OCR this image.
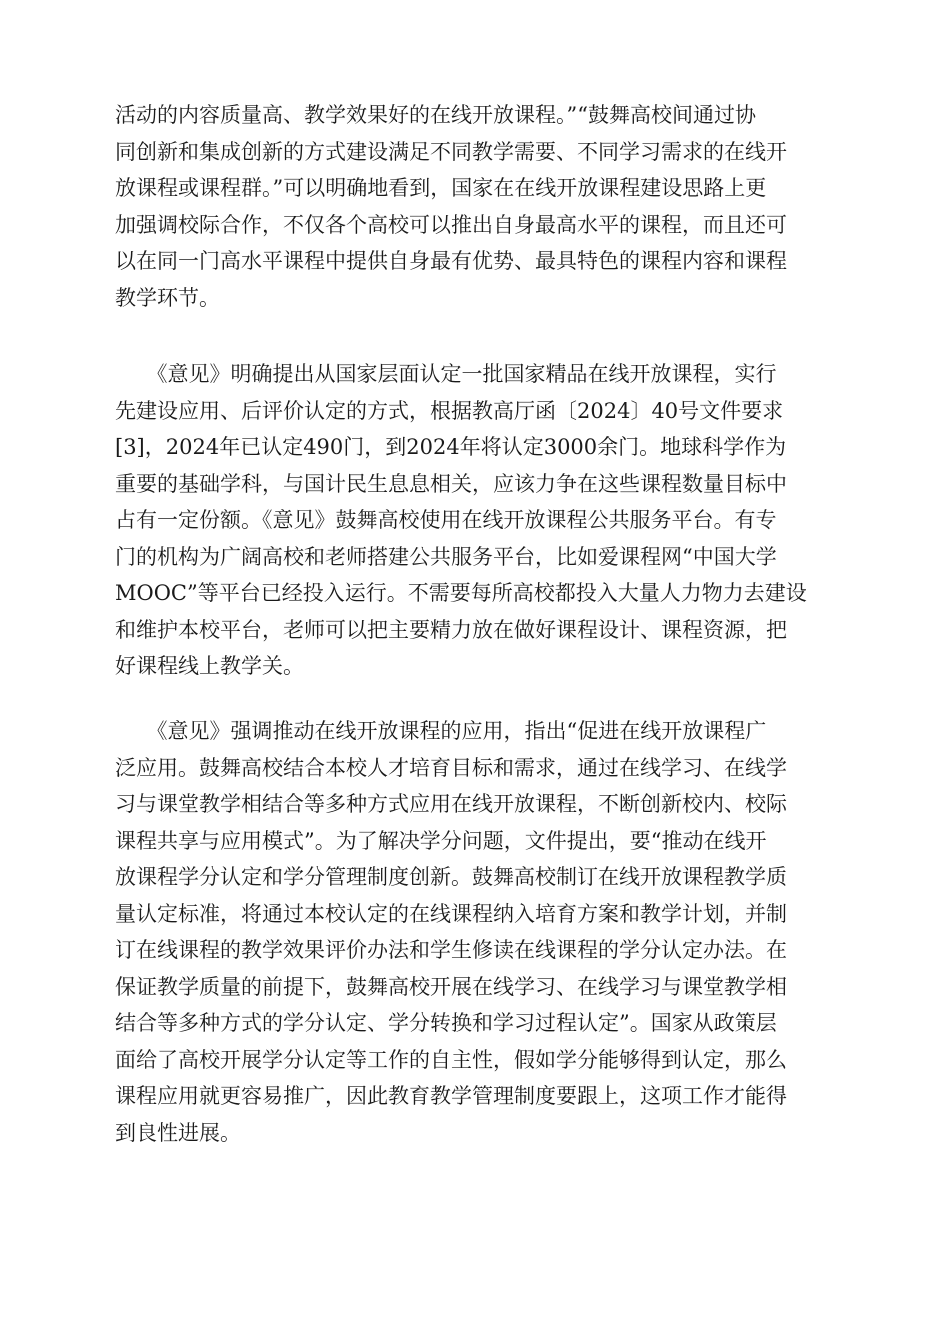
活动的内容质量高、教学效果好的在线开放课程。”“鼓舞高校间通过协
同创新和集成创新的方式建设满足不同教学需要、不同学习需求的在线开
放课程或课程群。”可以明确地看到，国家在在线开放课程建设思路上更
加强调校际合作，不仅各个高校可以推出自身最高水平的课程，而且还可
以在同一门高水平课程中提供自身最有优势、最具特色的课程内容和课程
教学环节。

　　《意见》明确提出从国家层面认定一批国家精品在线开放课程，实行
先建设应用、后评价认定的方式，根据教高厅函〔2024〕40号文件要求
[3]，2024年已认定490门，到2024年将认定3000余门。地球科学作为
重要的基础学科，与国计民生息息相关，应该力争在这些课程数量目标中
占有一定份额。《意见》鼓舞高校使用在线开放课程公共服务平台。有专
门的机构为广阔高校和老师搭建公共服务平台，比如爱课程网“中国大学
MOOC”等平台已经投入运行。不需要每所高校都投入大量人力物力去建设
和维护本校平台，老师可以把主要精力放在做好课程设计、课程资源，把
好课程线上教学关。

　　《意见》强调推动在线开放课程的应用，指出“促进在线开放课程广
泛应用。鼓舞高校结合本校人才培育目标和需求，通过在线学习、在线学
习与课堂教学相结合等多种方式应用在线开放课程，不断创新校内、校际
课程共享与应用模式”。为了解决学分问题，文件提出，要“推动在线开
放课程学分认定和学分管理制度创新。鼓舞高校制订在线开放课程教学质
量认定标准，将通过本校认定的在线课程纳入培育方案和教学计划，并制
订在线课程的教学效果评价办法和学生修读在线课程的学分认定办法。在
保证教学质量的前提下，鼓舞高校开展在线学习、在线学习与课堂教学相
结合等多种方式的学分认定、学分转换和学习过程认定”。国家从政策层
面给了高校开展学分认定等工作的自主性，假如学分能够得到认定，那么
课程应用就更容易推广，因此教育教学管理制度要跟上，这项工作才能得
到良性进展。
